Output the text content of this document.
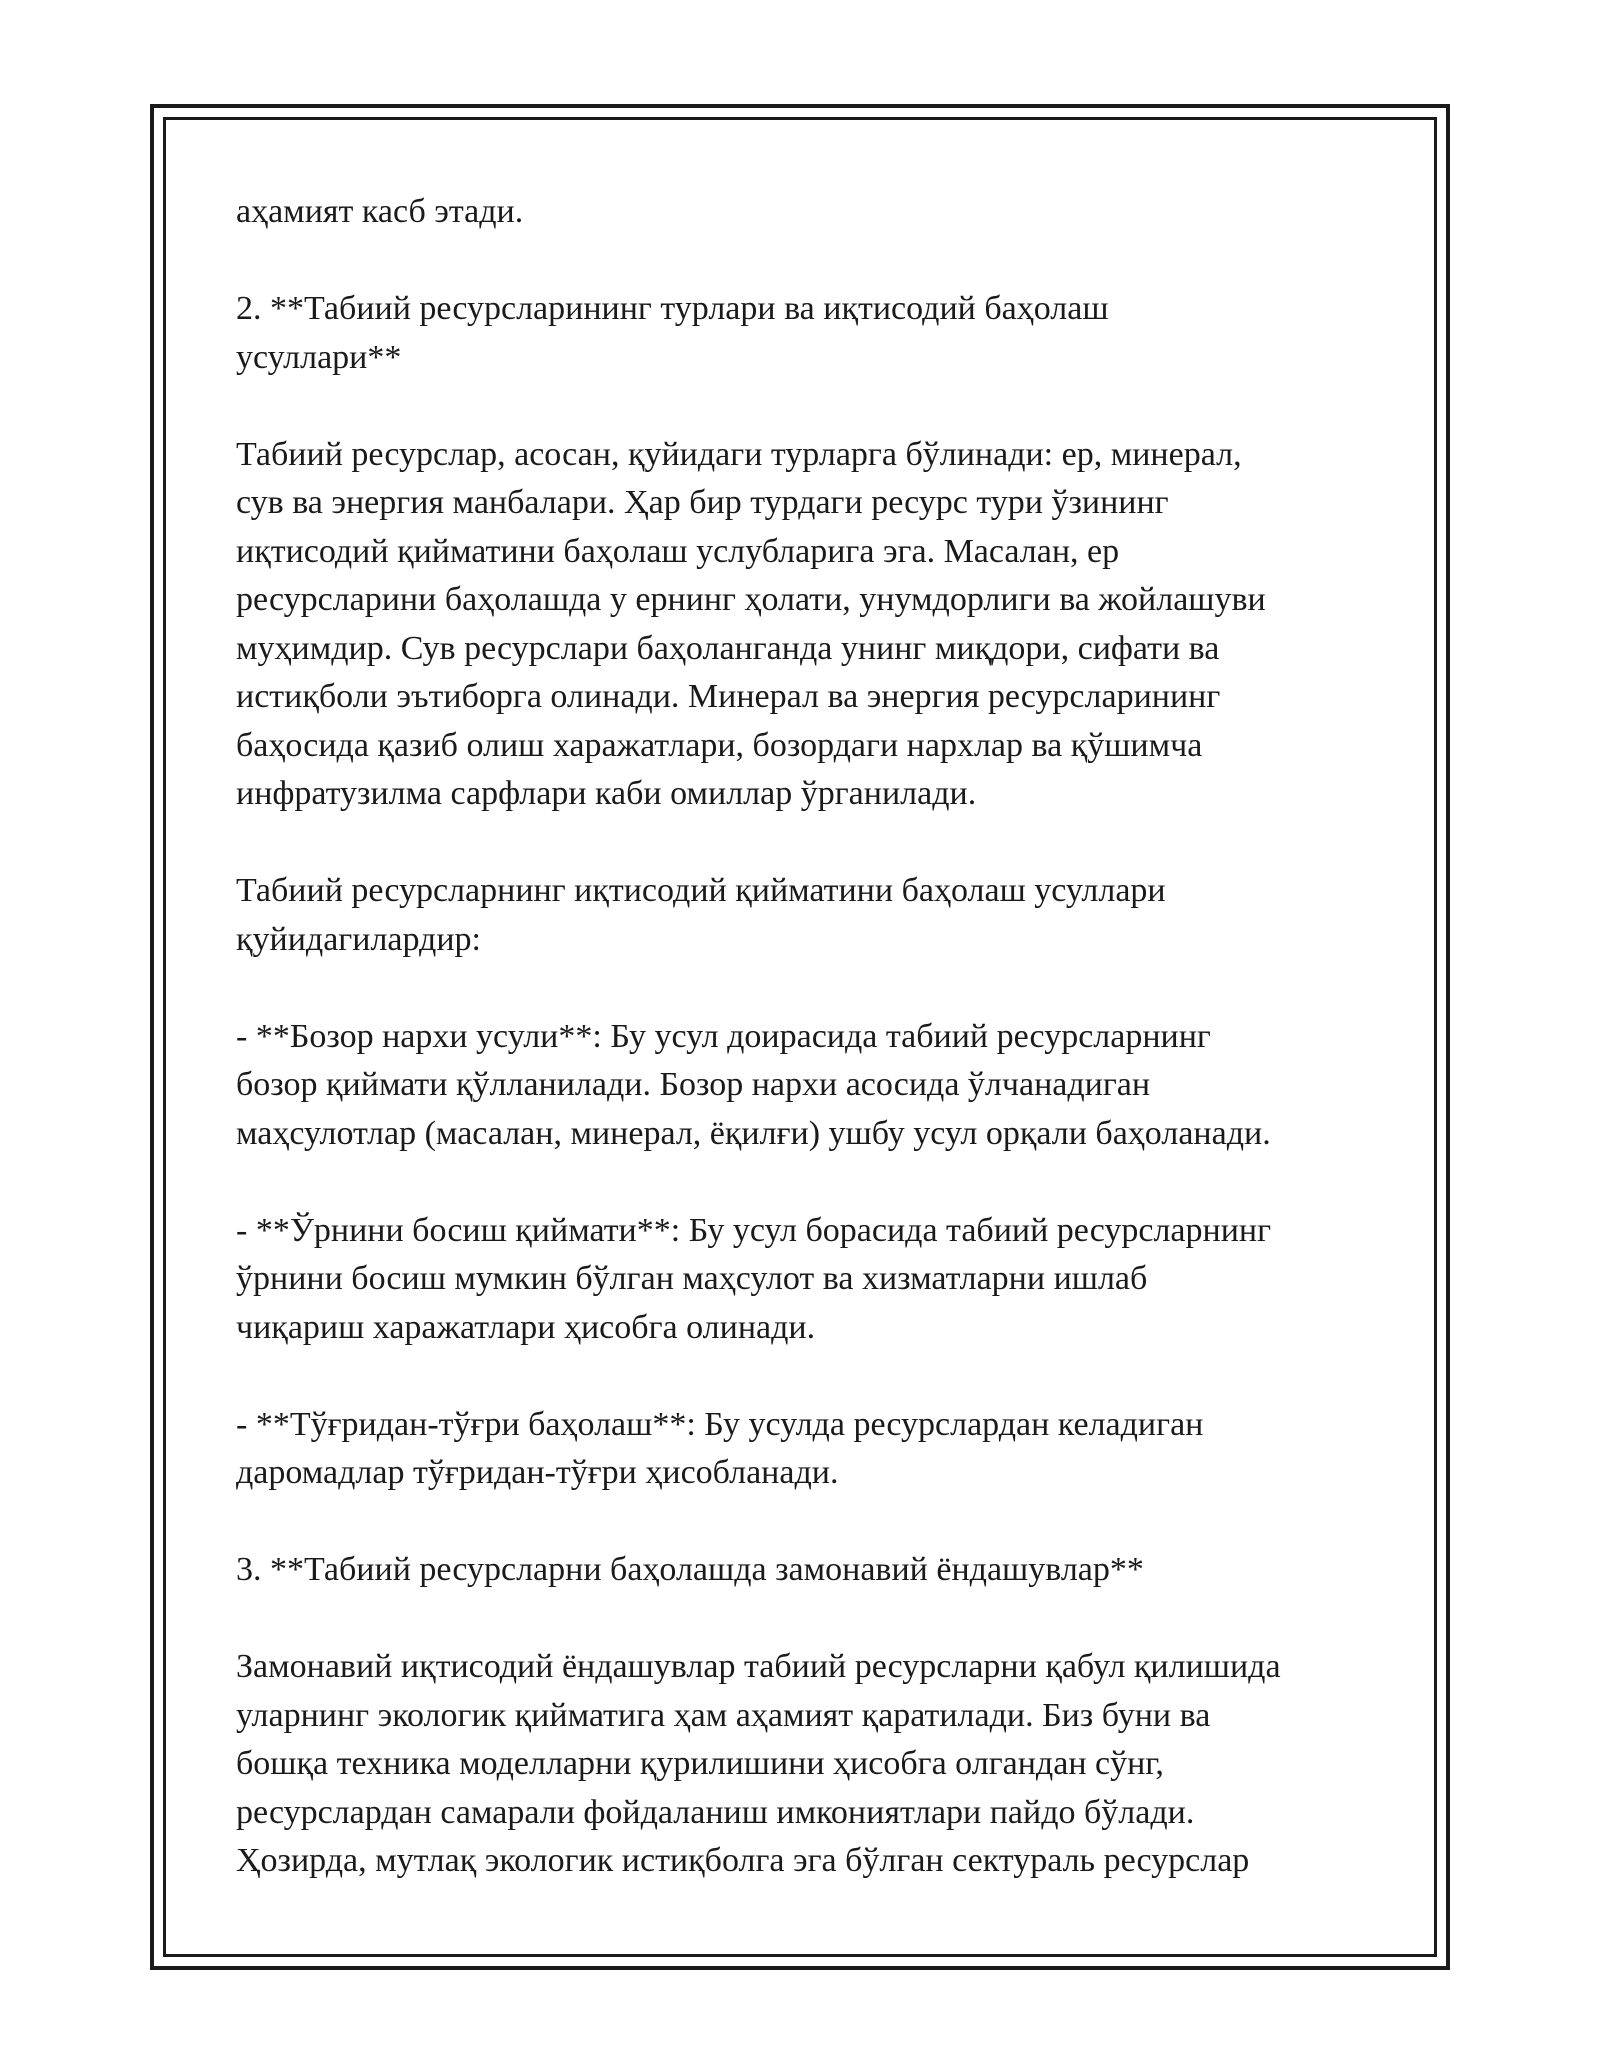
аҳамият касб этади.

2. **Табиий ресурсларининг турлари ва иқтисодий баҳолаш
усуллари**

Табиий ресурслар, асосан, қуйидаги турларга бўлинади: ер, минерал,
сув ва энергия манбалари. Ҳар бир турдаги ресурс тури ўзининг
иқтисодий қийматини баҳолаш услубларига эга. Масалан, ер
ресурсларини баҳолашда у ернинг ҳолати, унумдорлиги ва жойлашуви
муҳимдир. Сув ресурслари баҳоланганда унинг миқдори, сифати ва
истиқболи эътиборга олинади. Минерал ва энергия ресурсларининг
баҳосида қазиб олиш харажатлари, бозордаги нархлар ва қўшимча
инфратузилма сарфлари каби омиллар ўрганилади.

Табиий ресурсларнинг иқтисодий қийматини баҳолаш усуллари
қуйидагилардир:

- **Бозор нархи усули**: Бу усул доирасида табиий ресурсларнинг
бозор қиймати қўлланилади. Бозор нархи асосида ўлчанадиган
маҳсулотлар (масалан, минерал, ёқилғи) ушбу усул орқали баҳоланади.

- **Ўрнини босиш қиймати**: Бу усул борасида табиий ресурсларнинг
ўрнини босиш мумкин бўлган маҳсулот ва хизматларни ишлаб
чиқариш харажатлари ҳисобга олинади.

- **Тўғридан-тўғри баҳолаш**: Бу усулда ресурслардан келадиган
даромадлар тўғридан-тўғри ҳисобланади.

3. **Табиий ресурсларни баҳолашда замонавий ёндашувлар**

Замонавий иқтисодий ёндашувлар табиий ресурсларни қабул қилишида
уларнинг экологик қийматига ҳам аҳамият қаратилади. Биз буни ва
бошқа техника моделларни қурилишини ҳисобга олгандан сўнг,
ресурслардан самарали фойдаланиш имкониятлари пайдо бўлади.
Ҳозирда, мутлақ экологик истиқболга эга бўлган сектураль ресурслар
